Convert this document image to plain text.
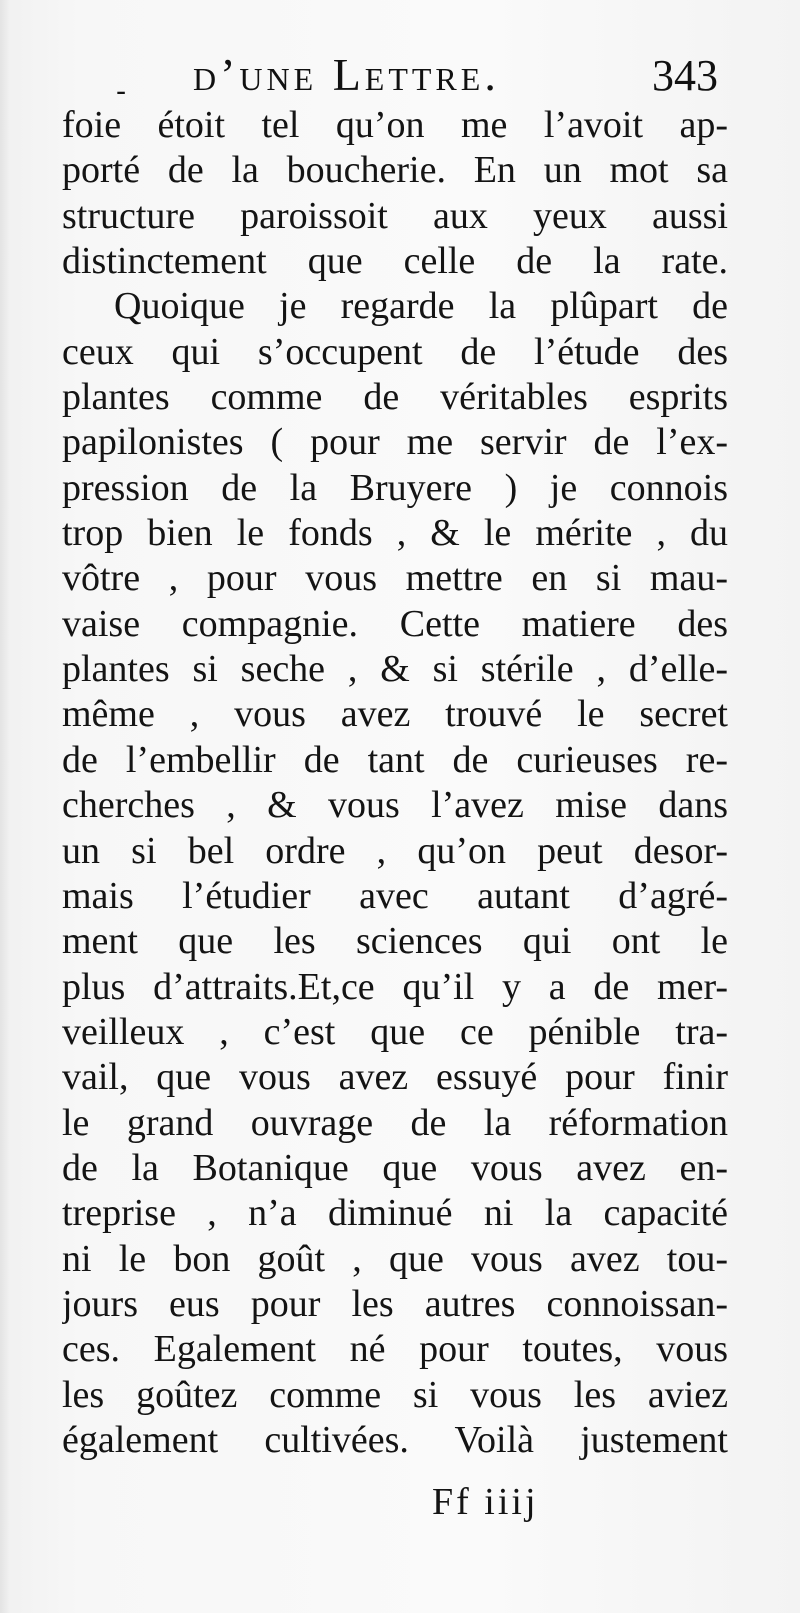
- d’une Lettre.	343
foie étoit tel qu’on me l’avoit ap-
porté de la boucherie. En un mot sa
structure paroissoit aux yeux aussi
distinctement que celle de la rate.
Quoique je regarde la plûpart de
ceux qui s’occupent de l’étude des
plantes comme de véritables esprits
papilonistes ( pour me servir de l’ex-
pression de la Bruyere ) je connois
trop bien le fonds , & le mérite , du
vôtre , pour vous mettre en si mau-
vaise compagnie. Cette matiere des
plantes si seche , & si stérile , d’elle-
même , vous avez trouvé le secret
de l’embellir de tant de curieuses re-
cherches , & vous l’avez mise dans
un si bel ordre , qu’on peut desor-
mais l’étudier avec autant d’agré-
ment que les sciences qui ont le
plus d’attraits.Et,ce qu’il y a de mer-
veilleux , c’est que ce pénible tra-
vail, que vous avez essuyé pour finir
le grand ouvrage de la réformation
de la Botanique que vous avez en-
treprise , n’a diminué ni la capacité
ni le bon goût , que vous avez tou-
jours eus pour les autres connoissan-
ces. Egalement né pour toutes, vous
les goûtez comme si vous les aviez
également cultivées. Voilà justement
Ff iiij
